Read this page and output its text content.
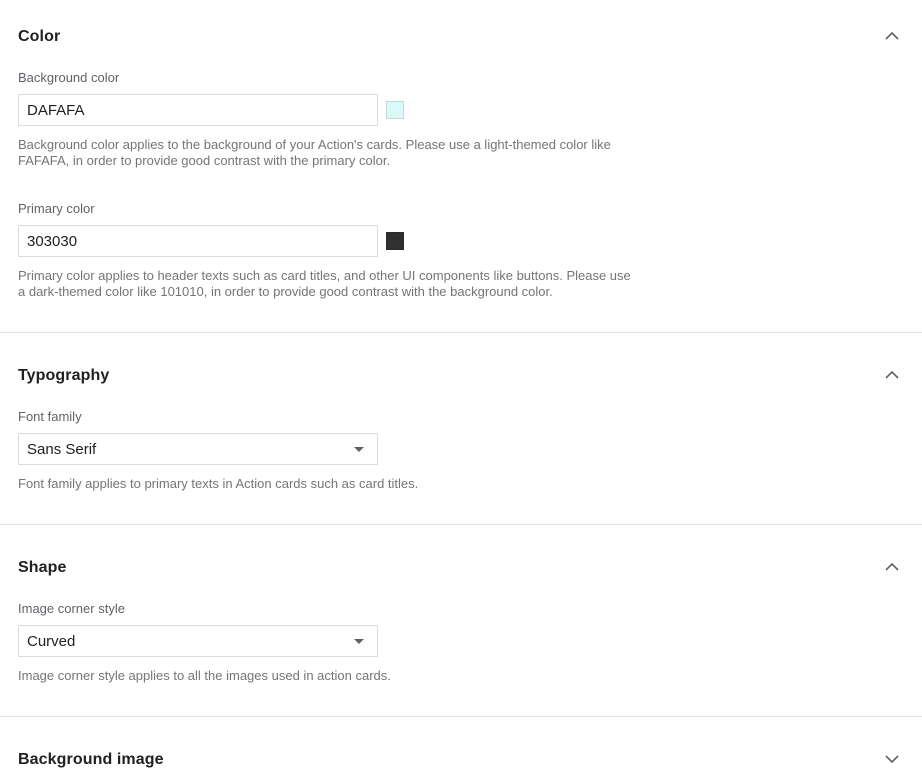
Color
Background color
DAFAFA

Background color applies to the background of your Action's cards. Please use a light-themed color like FAFAFA, in order to provide good contrast with the primary color.

Primary color
303030

Primary color applies to header texts such as card titles, and other UI components like buttons. Please use a dark-themed color like 101010, in order to provide good contrast with the background color.

Typography
Font family
Sans Serif

Font family applies to primary texts in Action cards such as card titles.

Shape
Image corner style
Curved

Image corner style applies to all the images used in action cards.

Background image
